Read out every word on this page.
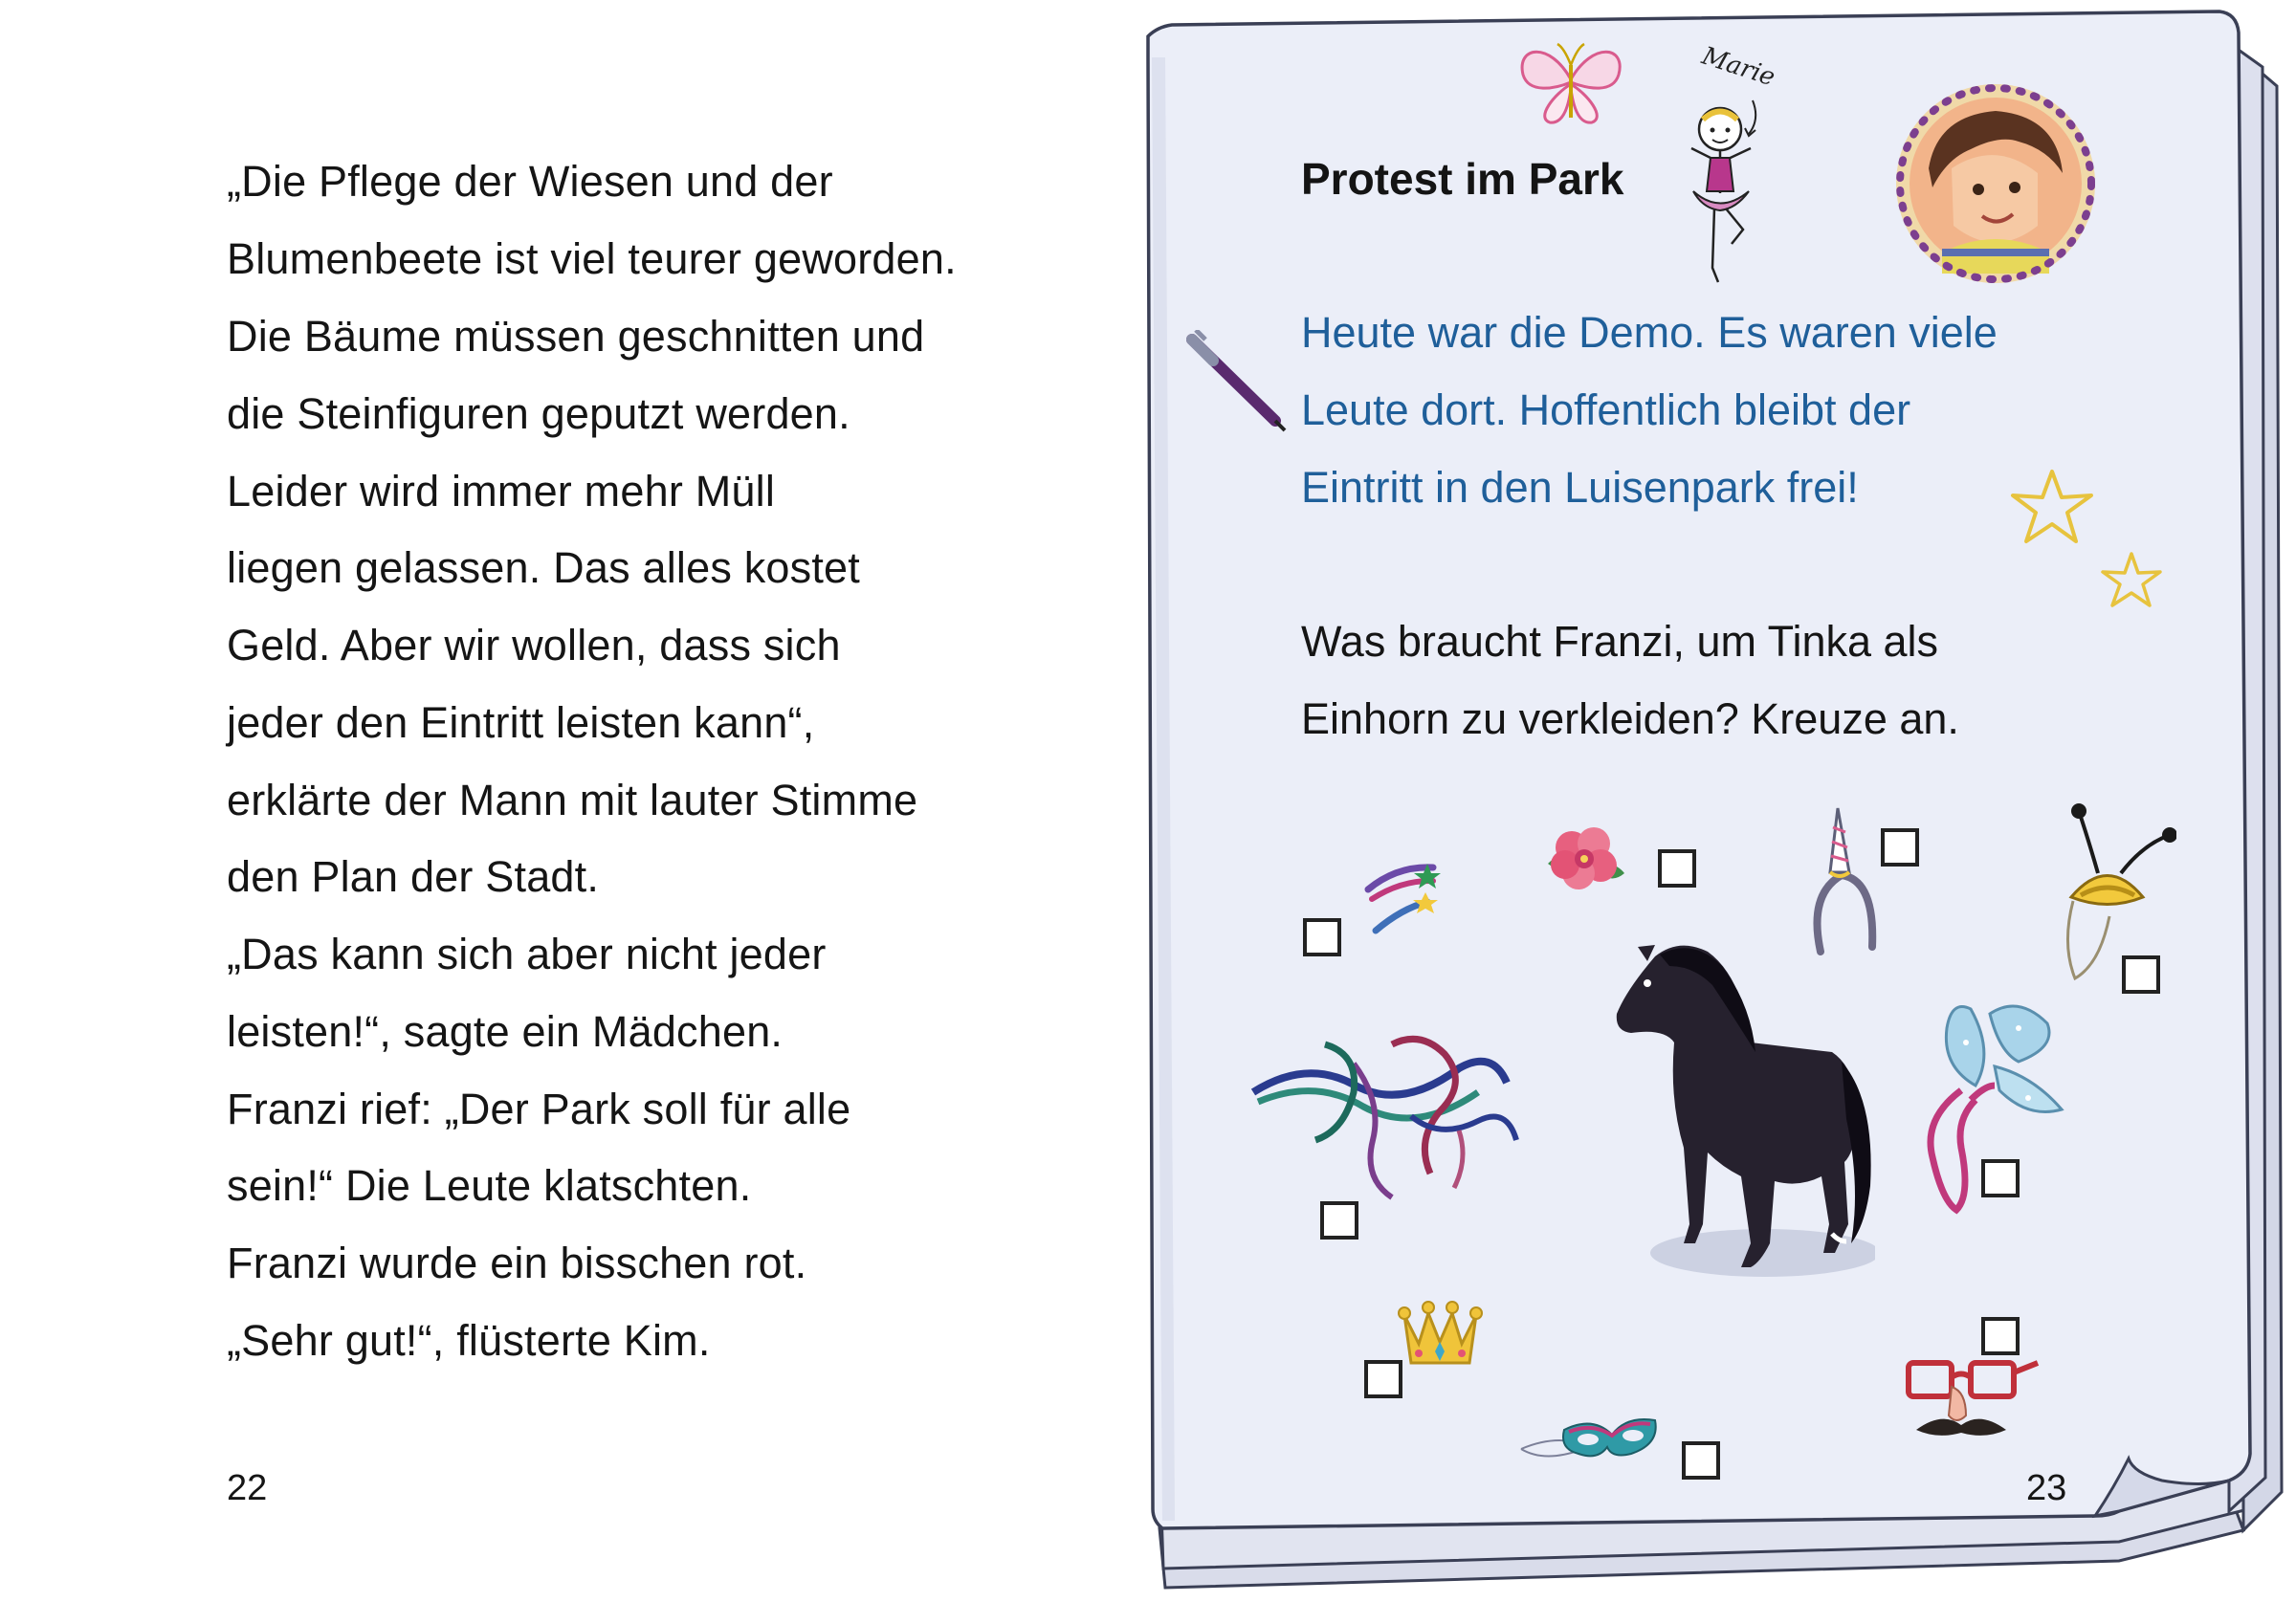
„Die Pflege der Wiesen und der
Blumenbeete ist viel teurer geworden.
Die Bäume müssen geschnitten und
die Steinfiguren geputzt werden.
Leider wird immer mehr Müll
liegen gelassen. Das alles kostet
Geld. Aber wir wollen, dass sich
jeder den Eintritt leisten kann“,
erklärte der Mann mit lauter Stimme
den Plan der Stadt.
„Das kann sich aber nicht jeder
leisten!“, sagte ein Mädchen.
Franzi rief: „Der Park soll für alle
sein!“ Die Leute klatschten.
Franzi wurde ein bisschen rot.
„Sehr gut!“, flüsterte Kim.
22
Marie
Protest im Park
Heute war die Demo. Es waren viele
Leute dort. Hoffentlich bleibt der
Eintritt in den Luisenpark frei!
Was braucht Franzi, um Tinka als
Einhorn zu verkleiden? Kreuze an.
23
